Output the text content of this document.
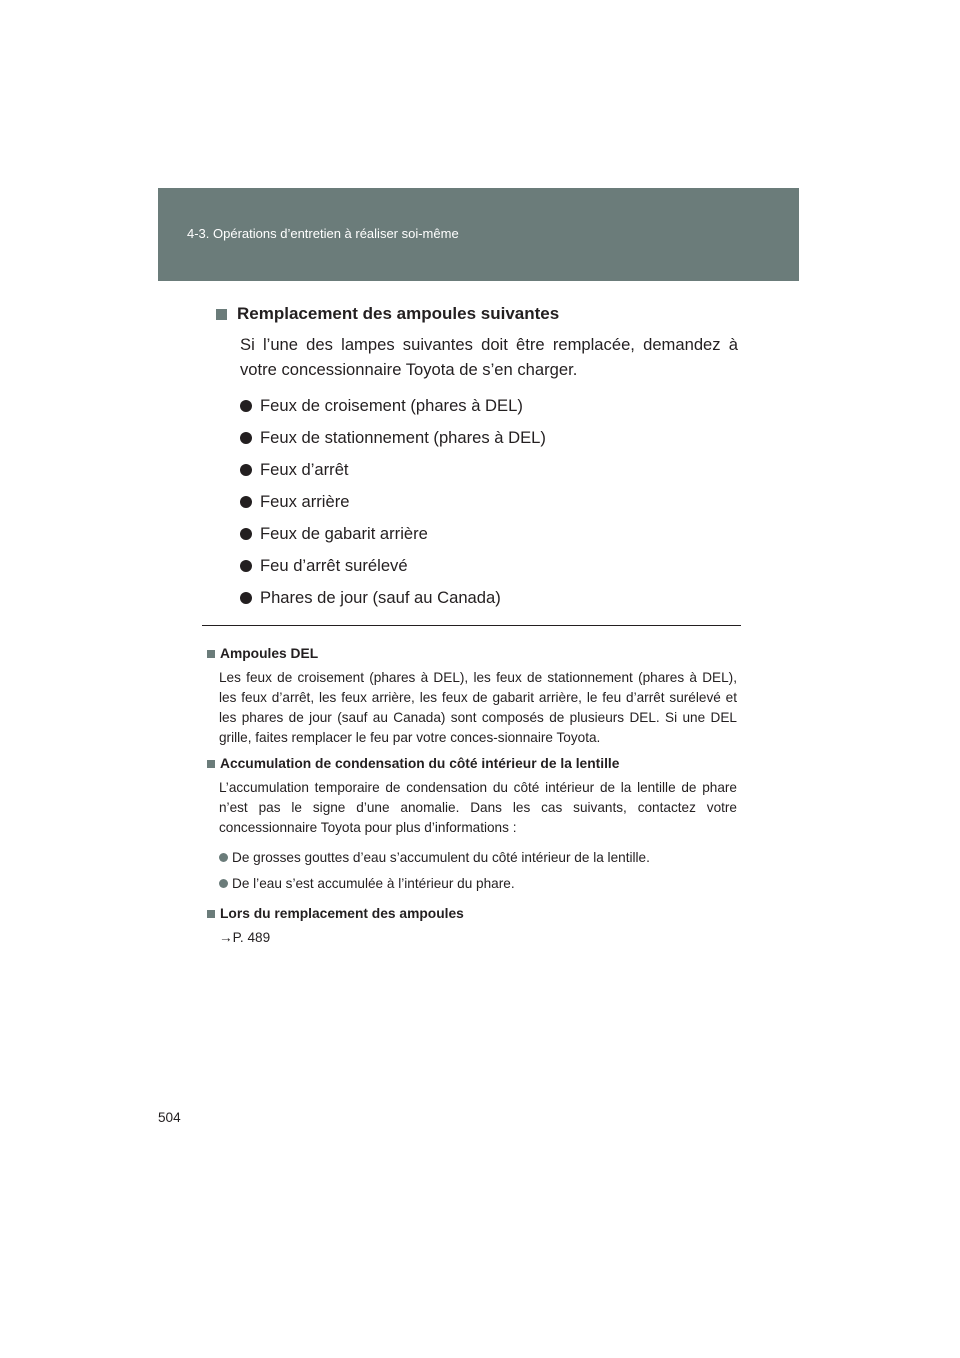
4-3. Opérations d’entretien à réaliser soi-même
Remplacement des ampoules suivantes

Si l’une des lampes suivantes doit être remplacée, demandez à votre concessionnaire Toyota de s’en charger.

Feux de croisement (phares à DEL)
Feux de stationnement (phares à DEL)
Feux d’arrêt
Feux arrière
Feux de gabarit arrière
Feu d’arrêt surélevé
Phares de jour (sauf au Canada)
Ampoules DEL

Les feux de croisement (phares à DEL), les feux de stationnement (phares à DEL), les feux d’arrêt, les feux arrière, les feux de gabarit arrière, le feu d’arrêt surélevé et les phares de jour (sauf au Canada) sont composés de plusieurs DEL. Si une DEL grille, faites remplacer le feu par votre conces-sionnaire Toyota.

Accumulation de condensation du côté intérieur de la lentille

L’accumulation temporaire de condensation du côté intérieur de la lentille de phare n’est pas le signe d’une anomalie. Dans les cas suivants, contactez votre concessionnaire Toyota pour plus d’informations :

De grosses gouttes d’eau s’accumulent du côté intérieur de la lentille.
De l’eau s’est accumulée à l’intérieur du phare.
Lors du remplacement des ampoules

→P. 489

504
